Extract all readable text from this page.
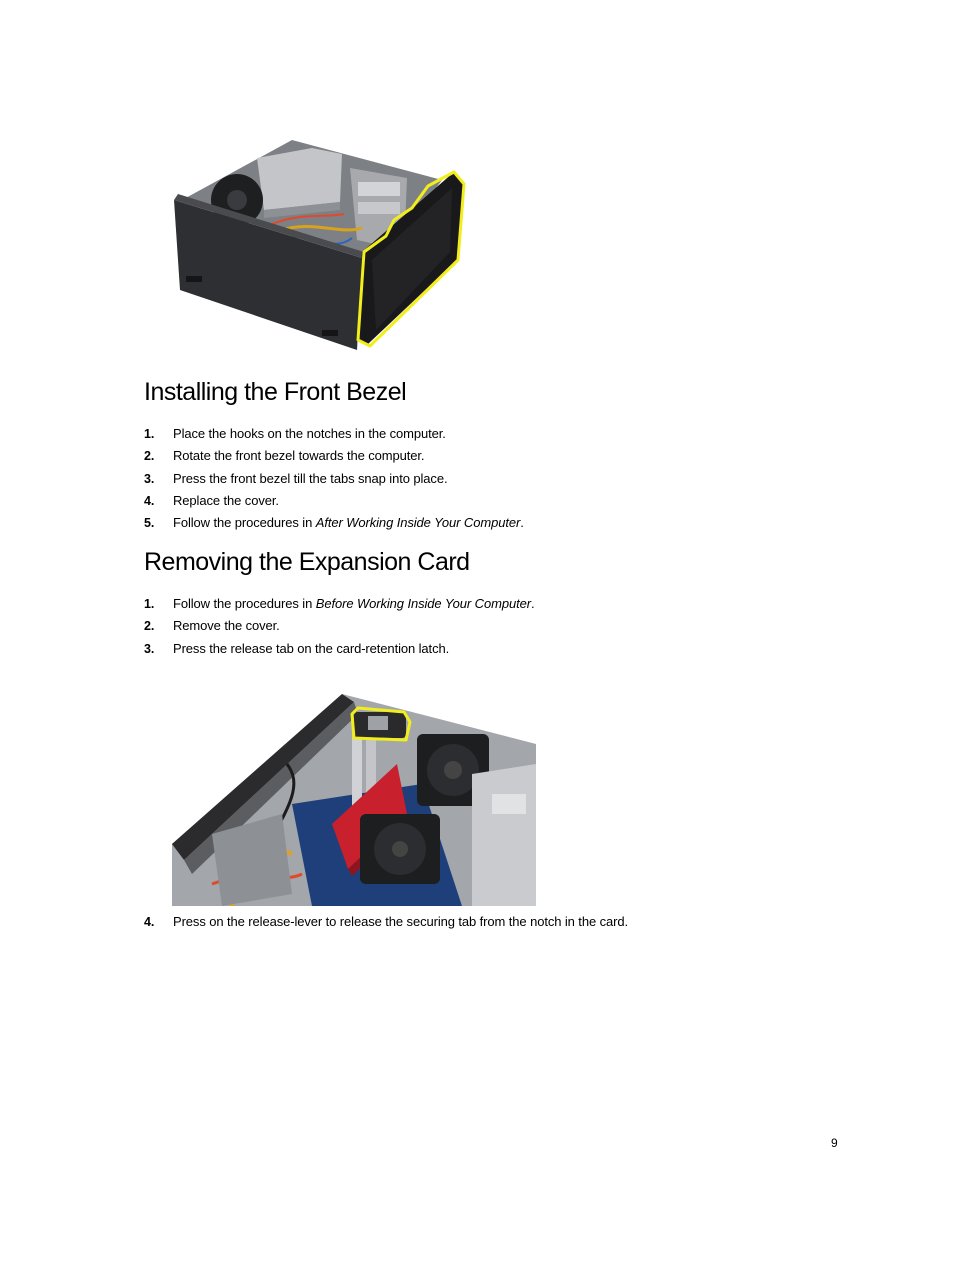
Installing the Front Bezel
1. Place the hooks on the notches in the computer.
2. Rotate the front bezel towards the computer.
3. Press the front bezel till the tabs snap into place.
4. Replace the cover.
5. Follow the procedures in After Working Inside Your Computer.
Removing the Expansion Card
1. Follow the procedures in Before Working Inside Your Computer.
2. Remove the cover.
3. Press the release tab on the card-retention latch.
4. Press on the release-lever to release the securing tab from the notch in the card.
9
